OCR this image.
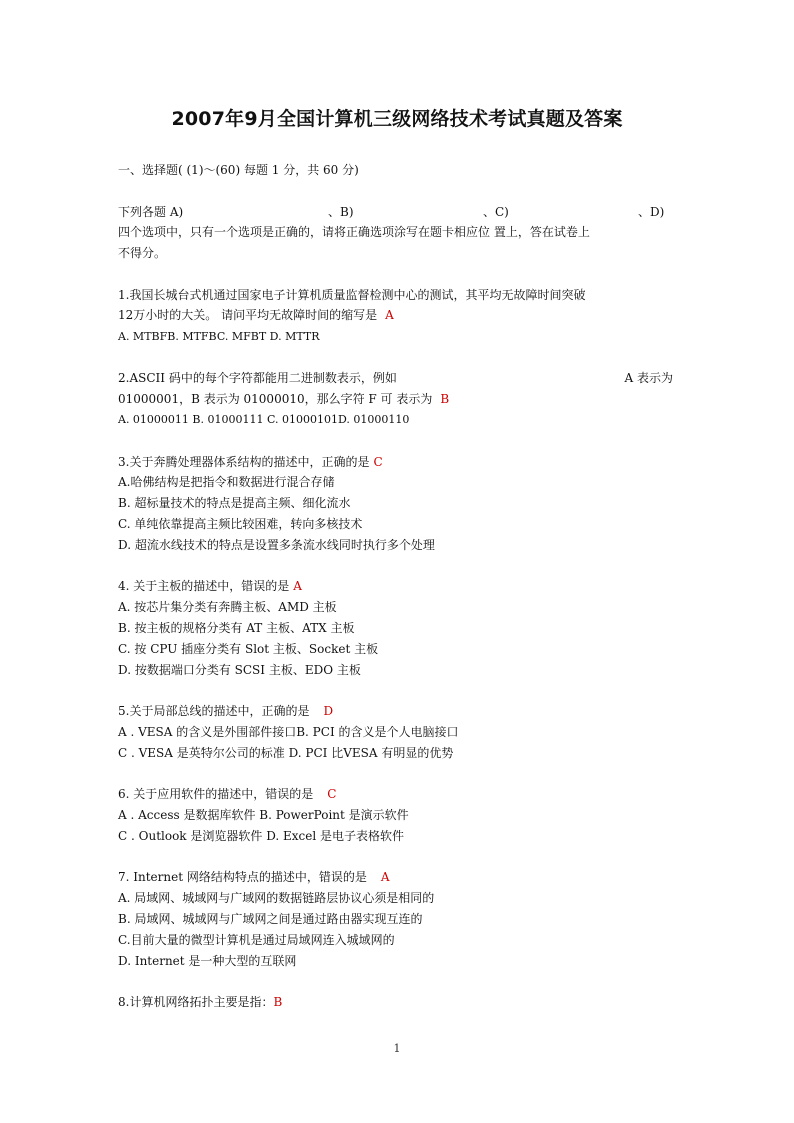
2007年9月全国计算机三级网络技术考试真题及答案
一、选择题( (1)～(60) 每题 1 分，共 60 分)
下列各题 A)	、B)	、C)	、D)
四个选项中，只有一个选项是正确的，请将正确选项涂写在题卡相应位 置上，答在试卷上
不得分。
1.我国长城台式机通过国家电子计算机质量监督检测中心的测试，其平均无故障时间突破
12万小时的大关。 请问平均无故障时间的缩写是 A
A. MTBFB. MTFBC. MFBT D. MTTR
2.ASCII 码中的每个字符都能用二进制数表示，例如	A 表示为
01000001，B 表示为 01000010，那么字符 F 可 表示为 B
A. 01000011 B. 01000111 C. 01000101D. 01000110
3.关于奔腾处理器体系结构的描述中，正确的是 C
A.哈佛结构是把指令和数据进行混合存储
B. 超标量技术的特点是提高主频、细化流水
C. 单纯依靠提高主频比较困难，转向多核技术
D. 超流水线技术的特点是设置多条流水线同时执行多个处理
4. 关于主板的描述中，错误的是 A
A. 按芯片集分类有奔腾主板、AMD 主板
B. 按主板的规格分类有 AT 主板、ATX 主板
C. 按 CPU 插座分类有 Slot 主板、Socket 主板
D. 按数据端口分类有 SCSI 主板、EDO 主板
5.关于局部总线的描述中，正确的是 D
A . VESA 的含义是外围部件接口B. PCI 的含义是个人电脑接口
C . VESA 是英特尔公司的标准 D. PCI 比VESA 有明显的优势
6. 关于应用软件的描述中，错误的是 C
A . Access 是数据库软件 B. PowerPoint 是演示软件
C . Outlook 是浏览器软件 D. Excel 是电子表格软件
7. Internet 网络结构特点的描述中，错误的是 A
A. 局域网、城域网与广域网的数据链路层协议心须是相同的
B. 局域网、城域网与广域网之间是通过路由器实现互连的
C.目前大量的微型计算机是通过局域网连入城域网的
D. Internet 是一种大型的互联网
8.计算机网络拓扑主要是指：B
1
